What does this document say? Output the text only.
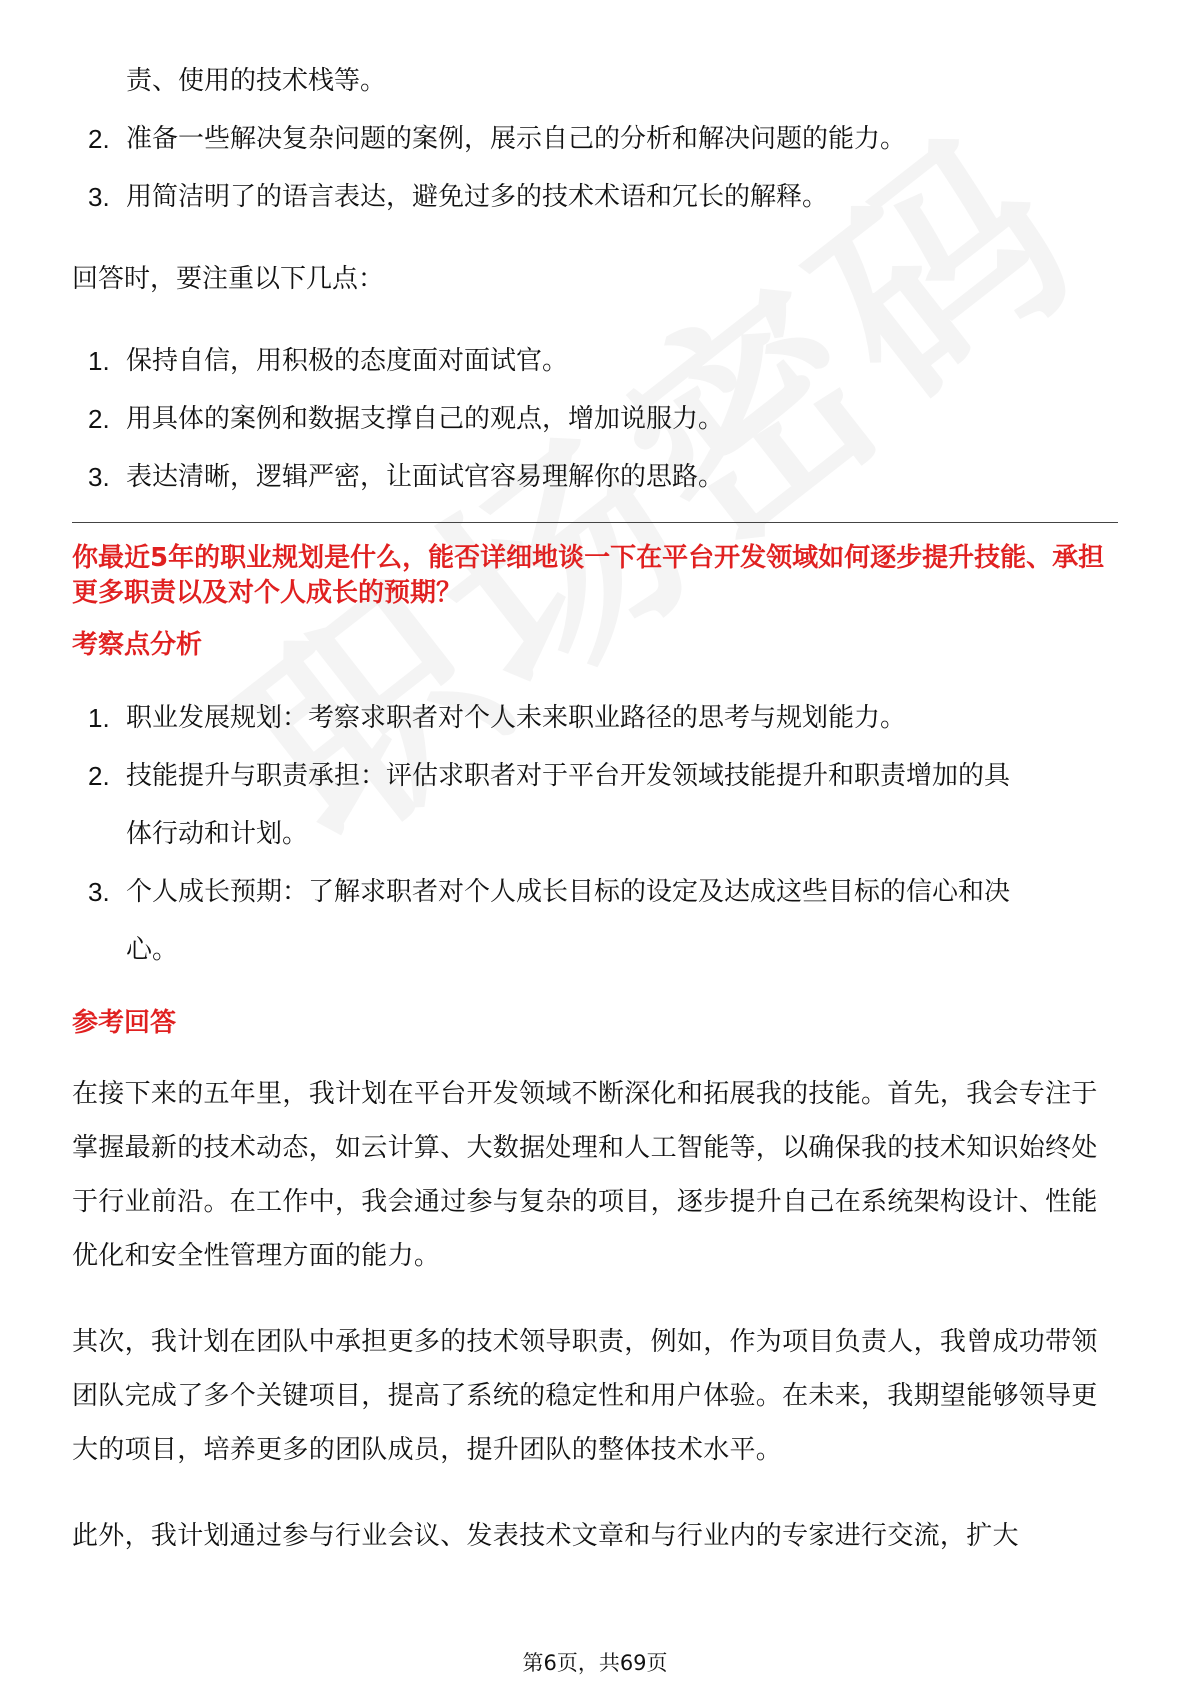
责、使用的技术栈等。
2. 准备一些解决复杂问题的案例，展示自己的分析和解决问题的能力。
3. 用简洁明了的语言表达，避免过多的技术术语和冗长的解释。
回答时，要注重以下几点：
1. 保持自信，用积极的态度面对面试官。
2. 用具体的案例和数据支撑自己的观点，增加说服力。
3. 表达清晰，逻辑严密，让面试官容易理解你的思路。
你最近5年的职业规划是什么，能否详细地谈一下在平台开发领域如何逐步提升技能、承担更多职责以及对个人成长的预期？
考察点分析
1. 职业发展规划：考察求职者对个人未来职业路径的思考与规划能力。
2. 技能提升与职责承担：评估求职者对于平台开发领域技能提升和职责增加的具
体行动和计划。
3. 个人成长预期：了解求职者对个人成长目标的设定及达成这些目标的信心和决
心。
参考回答
在接下来的五年里，我计划在平台开发领域不断深化和拓展我的技能。首先，我会专注于掌握最新的技术动态，如云计算、大数据处理和人工智能等，以确保我的技术知识始终处于行业前沿。在工作中，我会通过参与复杂的项目，逐步提升自己在系统架构设计、性能优化和安全性管理方面的能力。
其次，我计划在团队中承担更多的技术领导职责，例如，作为项目负责人，我曾成功带领团队完成了多个关键项目，提高了系统的稳定性和用户体验。在未来，我期望能够领导更大的项目，培养更多的团队成员，提升团队的整体技术水平。
此外，我计划通过参与行业会议、发表技术文章和与行业内的专家进行交流，扩大
第6页，共69页
